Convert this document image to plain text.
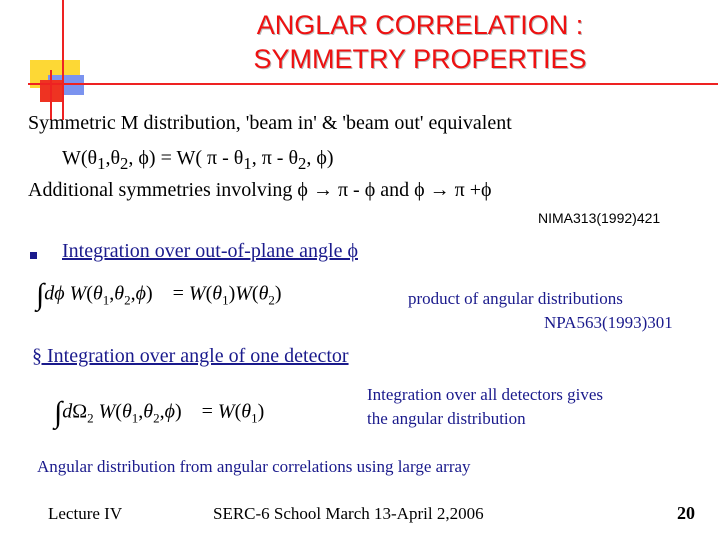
ANGLAR CORRELATION :
SYMMETRY PROPERTIES
Symmetric M distribution, 'beam in' & 'beam out' equivalent
$W(\theta_1,\theta_2$, ϕ) = W( π - $\theta_1$, π - $\theta_2$, ϕ)
Additional symmetries involving ϕ → π - ϕ and ϕ → π +ϕ
NIMA313(1992)421
Integration over out-of-plane angle ϕ
∫dϕ $W(\theta_1,\theta_2,\phi)$    = $W(\theta_1)W(\theta_2)$	product of angular distributions
NPA563(1993)301
§ Integration over angle of one detector
$\int d\Omega_2$ $W(\theta_1,\theta_2,\phi)$    = $W(\theta_1)$
Integration over all detectors gives
the angular distribution
Angular distribution from angular correlations using large array
Lecture IV	SERC-6 School March 13-April 2,2006	20
